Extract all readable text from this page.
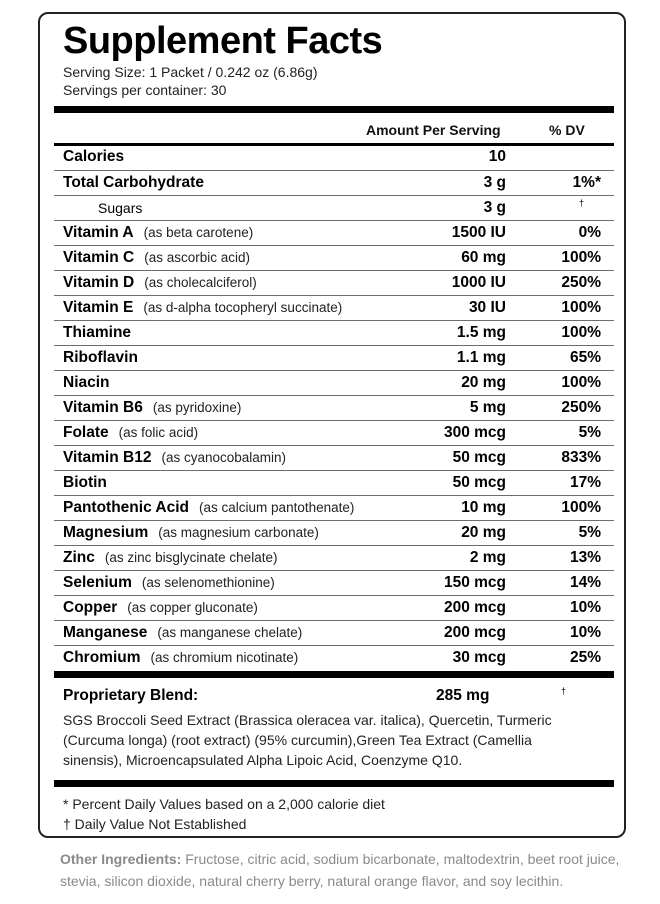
Supplement Facts
Serving Size: 1 Packet / 0.242 oz (6.86g)
Servings per container: 30
Amount Per Serving	% DV
Calories	10
Total Carbohydrate	3 g	1%*
Sugars	3 g	†
Vitamin A (as beta carotene)	1500 IU	0%
Vitamin C (as ascorbic acid)	60 mg	100%
Vitamin D (as cholecalciferol)	1000 IU	250%
Vitamin E (as d-alpha tocopheryl succinate)	30 IU	100%
Thiamine	1.5 mg	100%
Riboflavin	1.1 mg	65%
Niacin	20 mg	100%
Vitamin B6 (as pyridoxine)	5 mg	250%
Folate (as folic acid)	300 mcg	5%
Vitamin B12 (as cyanocobalamin)	50 mcg	833%
Biotin	50 mcg	17%
Pantothenic Acid (as calcium pantothenate)	10 mg	100%
Magnesium (as magnesium carbonate)	20 mg	5%
Zinc (as zinc bisglycinate chelate)	2 mg	13%
Selenium (as selenomethionine)	150 mcg	14%
Copper (as copper gluconate)	200 mcg	10%
Manganese (as manganese chelate)	200 mcg	10%
Chromium (as chromium nicotinate)	30 mcg	25%
Proprietary Blend:	285 mg	†
SGS Broccoli Seed Extract (Brassica oleracea var. italica), Quercetin, Turmeric (Curcuma longa) (root extract) (95% curcumin),Green Tea Extract (Camellia sinensis), Microencapsulated Alpha Lipoic Acid, Coenzyme Q10.
* Percent Daily Values based on a 2,000 calorie diet
† Daily Value Not Established
Other Ingredients: Fructose, citric acid, sodium bicarbonate, maltodextrin, beet root juice, stevia, silicon dioxide, natural cherry berry, natural orange flavor, and soy lecithin.
